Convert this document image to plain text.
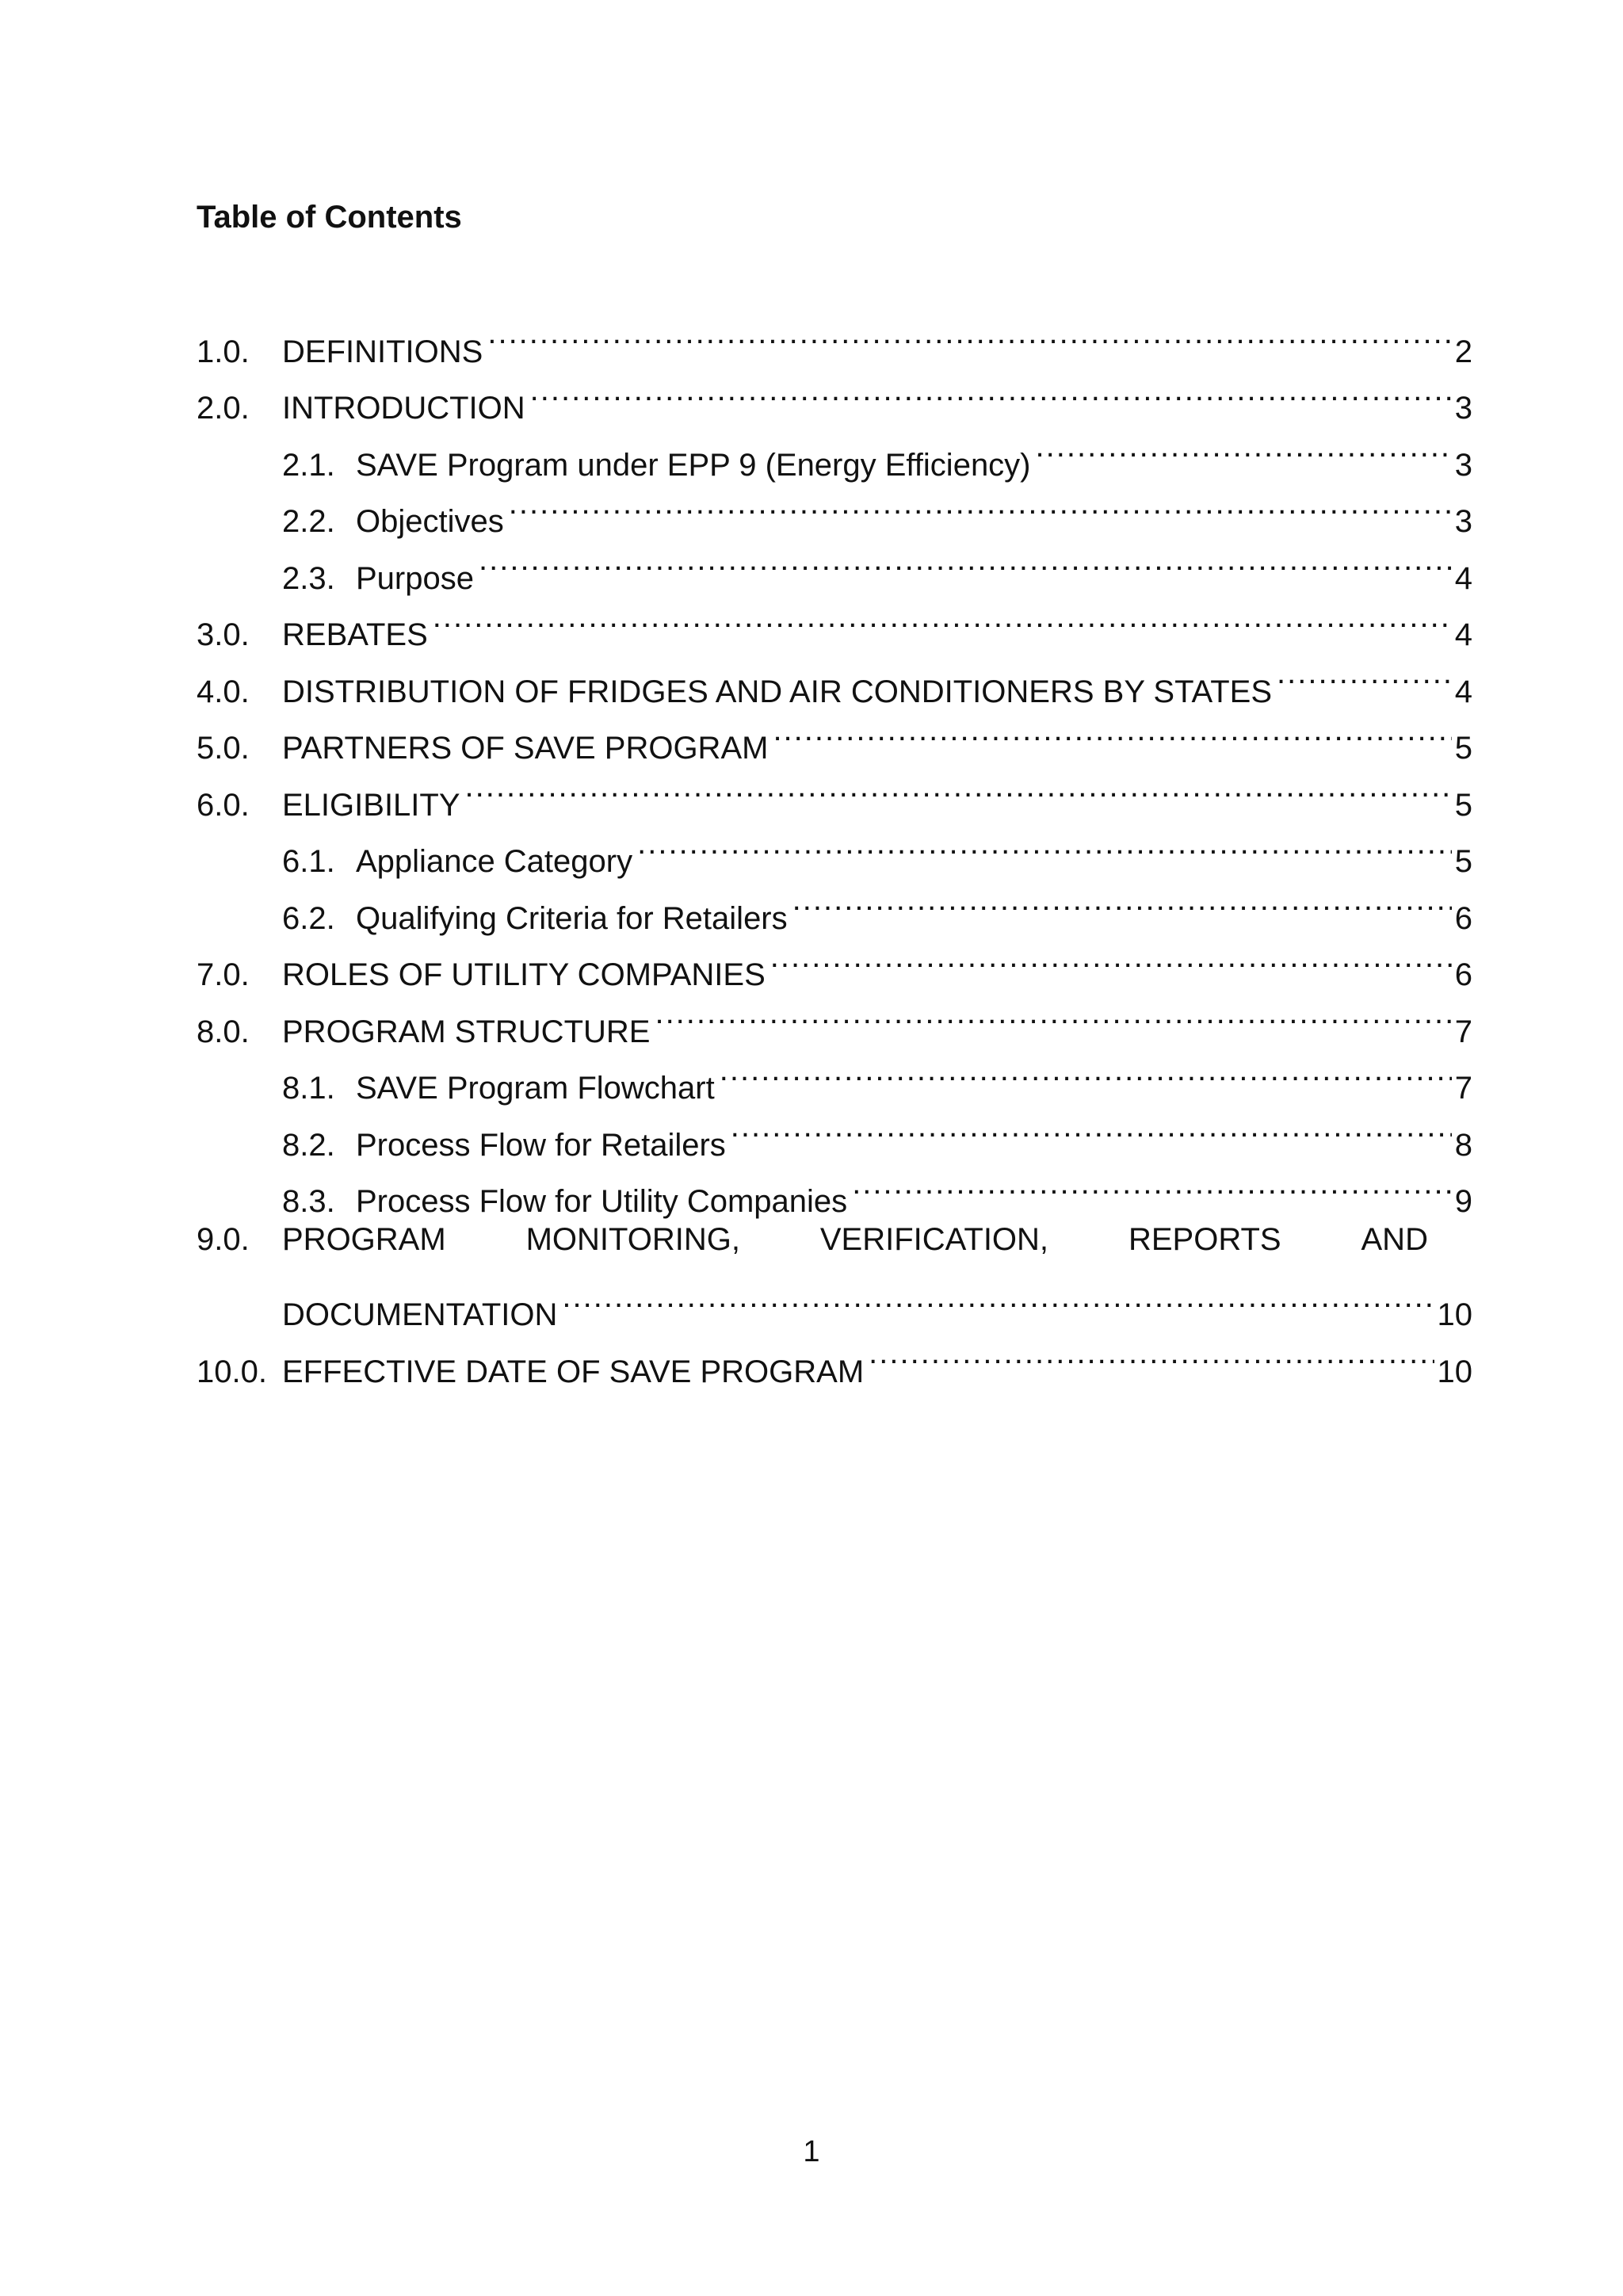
Table of Contents
1.0.	DEFINITIONS .....	2
2.0.	INTRODUCTION .....	3
2.1. SAVE Program under EPP 9 (Energy Efficiency) .....	3
2.2. Objectives .....	3
2.3. Purpose .....	4
3.0.	REBATES .....	4
4.0.	DISTRIBUTION OF FRIDGES AND AIR CONDITIONERS BY STATES .....	4
5.0.	PARTNERS OF SAVE PROGRAM .....	5
6.0.	ELIGIBILITY .....	5
6.1. Appliance Category .....	5
6.2. Qualifying Criteria for Retailers .....	6
7.0.	ROLES OF UTILITY COMPANIES .....	6
8.0.	PROGRAM STRUCTURE .....	7
8.1. SAVE Program Flowchart .....	7
8.2. Process Flow for Retailers .....	8
8.3. Process Flow for Utility Companies .....	9
9.0.	PROGRAM	MONITORING,	VERIFICATION,	REPORTS	AND
DOCUMENTATION .....	10
10.0. EFFECTIVE DATE OF SAVE PROGRAM .....	10
1
